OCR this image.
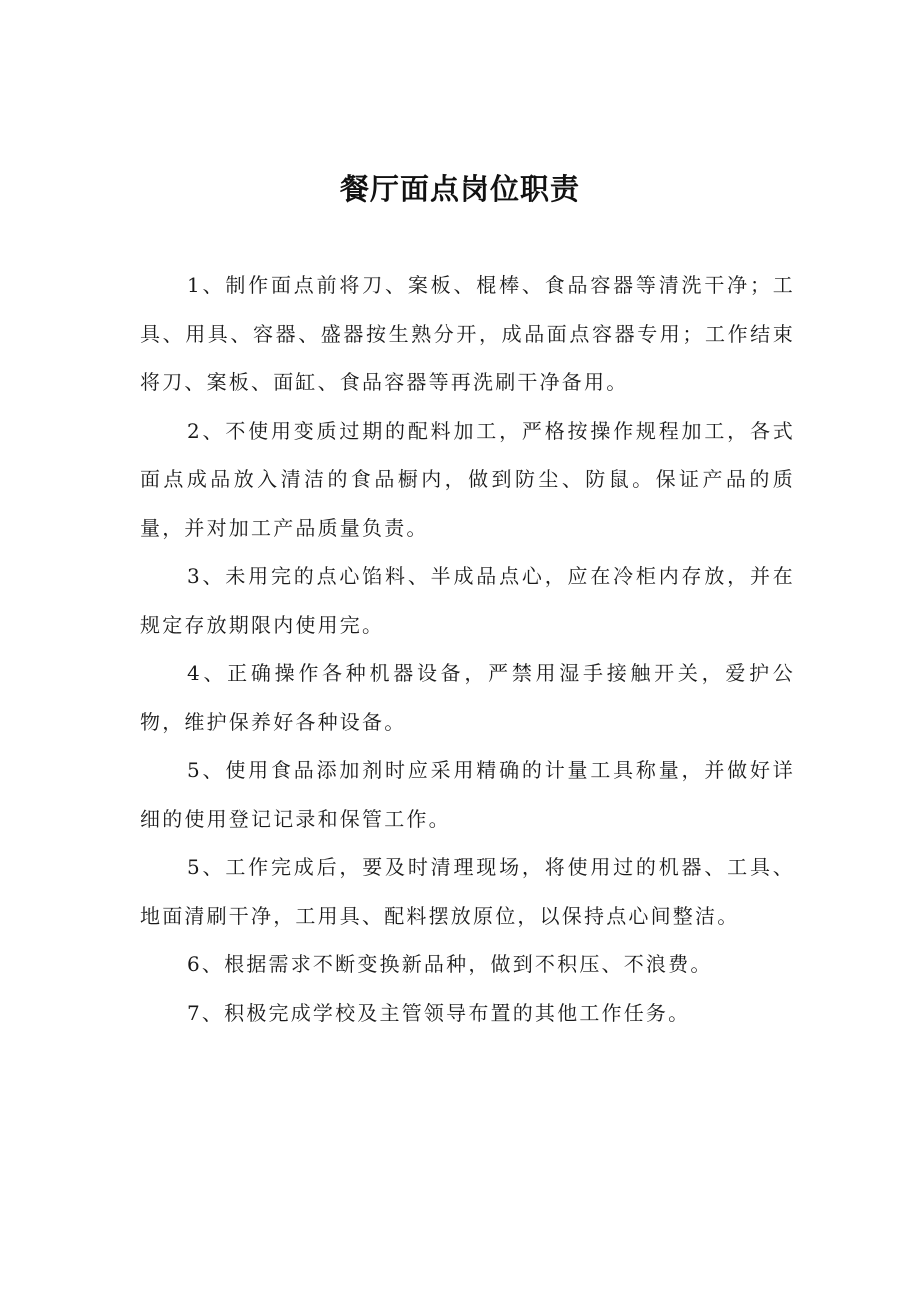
餐厅面点岗位职责

1、制作面点前将刀、案板、棍棒、食品容器等清洗干净；工具、用具、容器、盛器按生熟分开，成品面点容器专用；工作结束将刀、案板、面缸、食品容器等再洗刷干净备用。

2、不使用变质过期的配料加工，严格按操作规程加工，各式面点成品放入清洁的食品橱内，做到防尘、防鼠。保证产品的质量，并对加工产品质量负责。

3、未用完的点心馅料、半成品点心，应在冷柜内存放，并在规定存放期限内使用完。

4、正确操作各种机器设备，严禁用湿手接触开关，爱护公物，维护保养好各种设备。

5、使用食品添加剂时应采用精确的计量工具称量，并做好详细的使用登记记录和保管工作。

5、工作完成后，要及时清理现场，将使用过的机器、工具、地面清刷干净，工用具、配料摆放原位，以保持点心间整洁。

6、根据需求不断变换新品种，做到不积压、不浪费。

7、积极完成学校及主管领导布置的其他工作任务。
